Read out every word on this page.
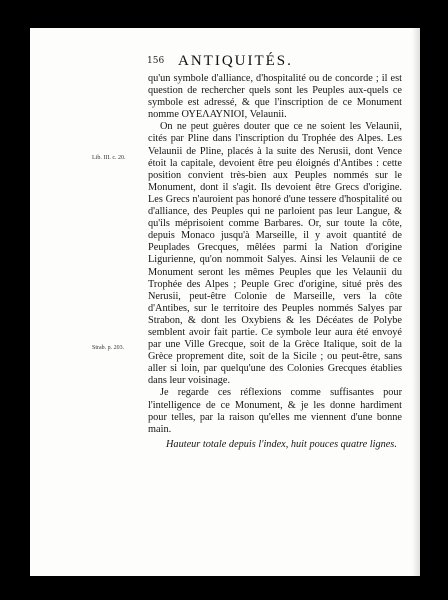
156 ANTIQUITÉS.
Lib. III. c. 20.
Strab. p. 203.

qu'un symbole d'alliance, d'hospitalité ou de concorde ; il est question de rechercher quels sont les Peuples aux-quels ce symbole est adressé, & que l'inscription de ce Monument nomme ΟΥΕΛΑΥΝΙΟΙ, Velaunii.

On ne peut guères douter que ce ne soient les Velaunii, cités par Pline dans l'inscription du Trophée des Alpes. Les Velaunii de Pline, placés à la suite des Nerusii, dont Vence étoit la capitale, devoient être peu éloignés d'Antibes : cette position convient très-bien aux Peuples nommés sur le Monument, dont il s'agit. Ils devoient être Grecs d'origine. Les Grecs n'auroient pas honoré d'une tessere d'hospitalité ou d'alliance, des Peuples qui ne parloient pas leur Langue, & qu'ils méprisoient comme Barbares. Or, sur toute la côte, depuis Monaco jusqu'à Marseille, il y avoit quantité de Peuplades Grecques, mêlées parmi la Nation d'origine Ligurienne, qu'on nommoit Salyes. Ainsi les Velaunii de ce Monument seront les mêmes Peuples que les Velaunii du Trophée des Alpes ; Peuple Grec d'origine, situé près des Nerusii, peut-être Colonie de Marseille, vers la côte d'Antibes, sur le territoire des Peuples nommés Salyes par Strabon, & dont les Oxybiens & les Décéates de Polybe semblent avoir fait partie. Ce symbole leur aura été envoyé par une Ville Grecque, soit de la Grèce Italique, soit de la Grèce proprement dite, soit de la Sicile ; ou peut-être, sans aller si loin, par quelqu'une des Colonies Grecques établies dans leur voisinage.

Je regarde ces réflexions comme suffisantes pour l'intelligence de ce Monument, & je les donne hardiment pour telles, par la raison qu'elles me viennent d'une bonne main.

Hauteur totale depuis l'index, huit pouces quatre lignes.
